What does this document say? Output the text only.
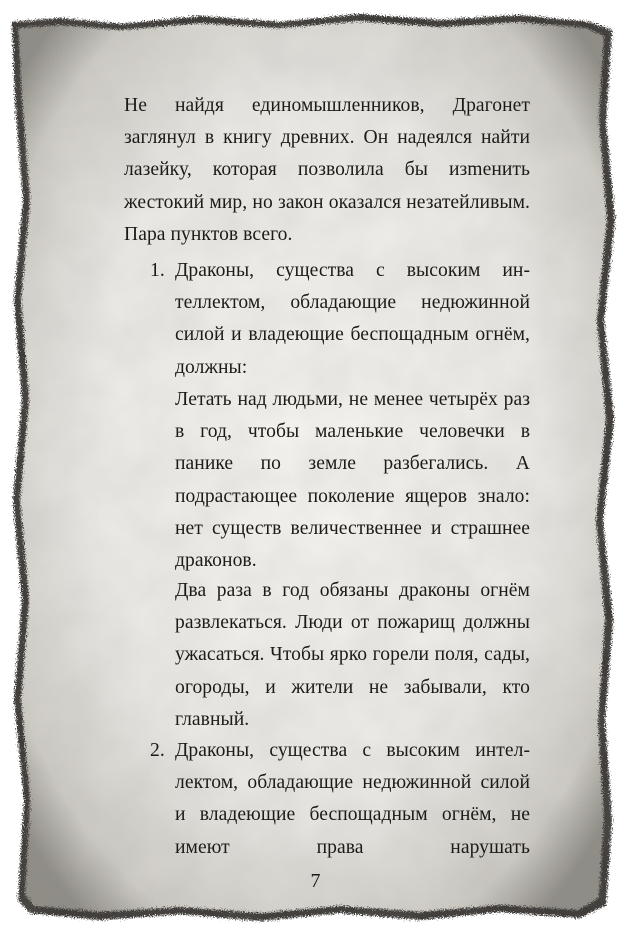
Не найдя единомышленников, Драгонет заглянул в книгу древних. Он надеялся найти лазейку, которая позволила бы изmенить жестокий мир, но закон оказался незатейливым. Пара пунктов всего.

1. Драконы, существа с высоким интеллектом, обладающие недюжинной силой и владеющие беспощадным огнём, должны:

Летать над людьми, не менее четырёх раз в год, чтобы маленькие человечки в панике по земле разбегались. А подрастающее поколение ящеров знало: нет существ величественнее и страшнее драконов.

Два раза в год обязаны драконы огнём развлекаться. Люди от пожарищ должны ужасаться. Чтобы ярко горели поля, сады, огороды, и жители не забывали, кто главный.

2. Драконы, существа с высоким интеллектом, обладающие недюжинной силой и владеющие беспощадным огнём, не имеют права нарушать

7
